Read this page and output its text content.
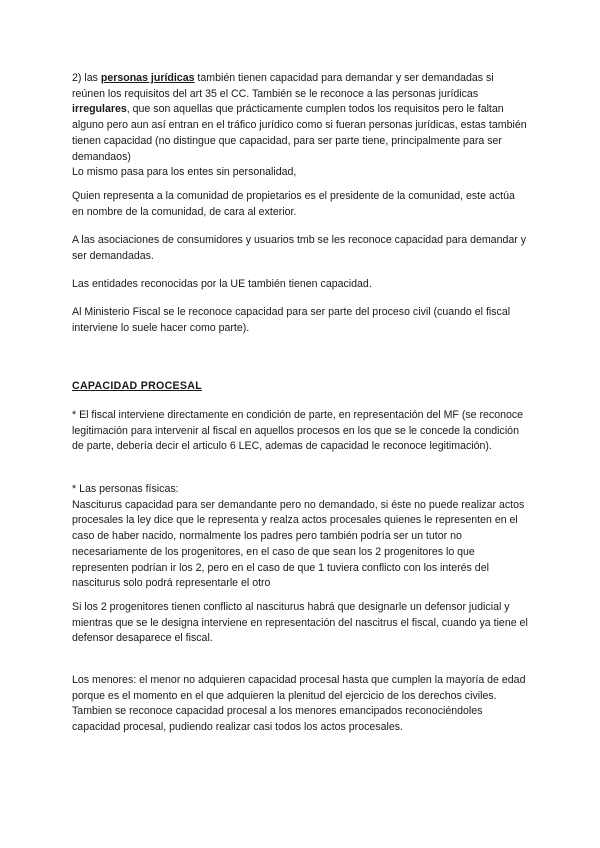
2) las personas jurídicas también tienen capacidad para demandar y ser demandadas si reúnen los requisitos del art 35 el CC. También se le reconoce a las personas jurídicas irregulares, que son aquellas que prácticamente cumplen todos los requisitos pero le faltan alguno pero aun así entran en el tráfico jurídico como si fueran personas jurídicas, estas también tienen capacidad (no distingue que capacidad, para ser parte tiene, principalmente para ser demandaos)

Lo mismo pasa para los entes sin personalidad,

Quien representa a la comunidad de propietarios es el presidente de la comunidad, este actúa en nombre de la comunidad, de cara al exterior.

A las asociaciones de consumidores y usuarios tmb se les reconoce capacidad para demandar y ser demandadas.

Las entidades reconocidas por la UE también tienen capacidad.

Al Ministerio Fiscal se le reconoce capacidad para ser parte del proceso civil (cuando el fiscal interviene lo suele hacer como parte).

CAPACIDAD PROCESAL

* El fiscal interviene directamente en condición de parte, en representación del MF (se reconoce legitimación para intervenir al fiscal en aquellos procesos en los que se le concede la condición de parte, debería decir el articulo 6 LEC, ademas de capacidad le reconoce legitimación).

* Las personas físicas:

Nasciturus capacidad para ser demandante pero no demandado, si éste no puede realizar actos procesales la ley dice que le representa y realza actos procesales quienes le representen en el caso de haber nacido, normalmente los padres pero también podría ser un tutor no necesariamente de los progenitores, en el caso de que sean los 2 progenitores lo que representen podrían ir los 2, pero en el caso de que 1 tuviera conflicto con los interés del nasciturus solo podrá representarle el otro

Si los 2 progenitores tienen conflicto al nasciturus habrá que designarle un defensor judicial y mientras que se le designa interviene en representación del nascitrus el fiscal, cuando ya tiene el defensor desaparece el fiscal.

Los menores: el menor no adquieren capacidad procesal hasta que cumplen la mayoría de edad porque es el momento en el que adquieren la plenitud del ejercicio de los derechos civiles.

Tambien se reconoce capacidad procesal a los menores emancipados reconociéndoles capacidad procesal, pudiendo realizar casi todos los actos procesales.
